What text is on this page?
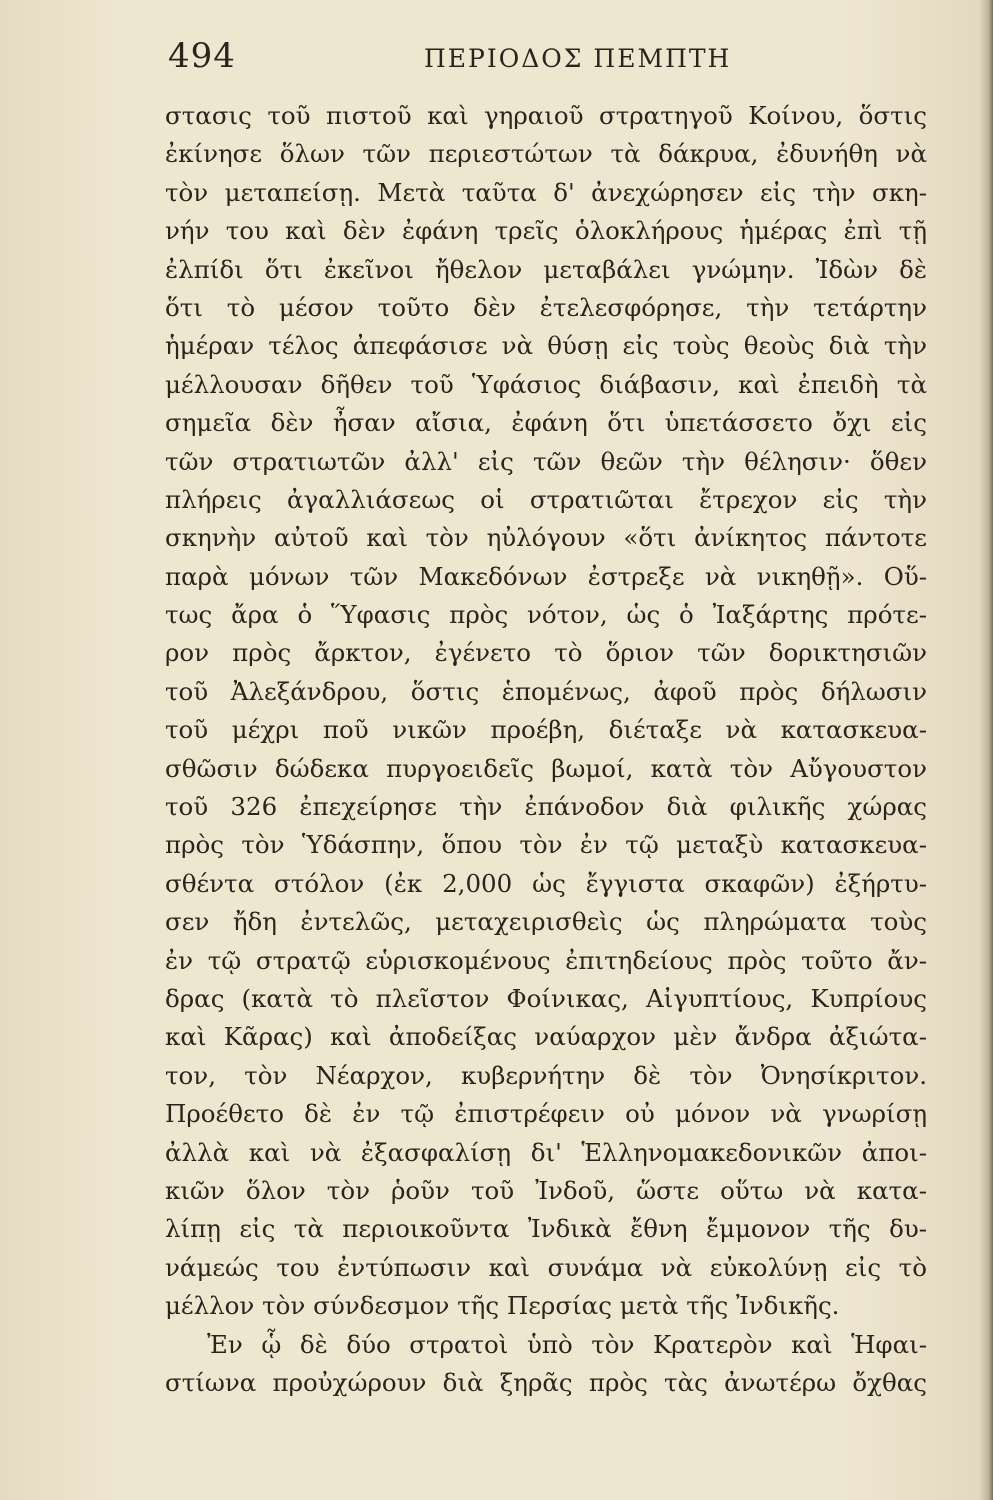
494	ΠΕΡΙΟΔΟΣ ΠΕΜΠΤΗ
στασις τοῦ πιστοῦ καὶ γηραιοῦ στρατηγοῦ Κοίνου, ὅστις
ἐκίνησε ὅλων τῶν περιεστώτων τὰ δάκρυα, ἐδυνήθη νὰ
τὸν μεταπείσῃ. Μετὰ ταῦτα δ' ἀνεχώρησεν εἰς τὴν σκη-
νήν του καὶ δὲν ἐφάνη τρεῖς ὁλοκλήρους ἡμέρας ἐπὶ τῇ
ἐλπίδι ὅτι ἐκεῖνοι ἤθελον μεταβάλει γνώμην. Ἰδὼν δὲ
ὅτι τὸ μέσον τοῦτο δὲν ἐτελεσφόρησε, τὴν τετάρτην
ἡμέραν τέλος ἀπεφάσισε νὰ θύσῃ εἰς τοὺς θεοὺς διὰ τὴν
μέλλουσαν δῆθεν τοῦ Ὑφάσιος διάβασιν, καὶ ἐπειδὴ τὰ
σημεῖα δὲν ἦσαν αἴσια, ἐφάνη ὅτι ὑπετάσσετο ὄχι εἰς
τῶν στρατιωτῶν ἀλλ' εἰς τῶν θεῶν τὴν θέλησιν· ὅθεν
πλήρεις ἀγαλλιάσεως οἱ στρατιῶται ἔτρεχον εἰς τὴν
σκηνὴν αὐτοῦ καὶ τὸν ηὐλόγουν «ὅτι ἀνίκητος πάντοτε
παρὰ μόνων τῶν Μακεδόνων ἐστρεξε νὰ νικηθῇ». Οὕ-
τως ἄρα ὁ Ὕφασις πρὸς νότον, ὡς ὁ Ἰαξάρτης πρότε-
ρον πρὸς ἄρκτον, ἐγένετο τὸ ὅριον τῶν δορικτησιῶν
τοῦ Ἀλεξάνδρου, ὅστις ἑπομένως, ἀφοῦ πρὸς δήλωσιν
τοῦ μέχρι ποῦ νικῶν προέβη, διέταξε νὰ κατασκευα-
σθῶσιν δώδεκα πυργοειδεῖς βωμοί, κατὰ τὸν Αὔγουστον
τοῦ 326 ἐπεχείρησε τὴν ἐπάνοδον διὰ φιλικῆς χώρας
πρὸς τὸν Ὑδάσπην, ὅπου τὸν ἐν τῷ μεταξὺ κατασκευα-
σθέντα στόλον (ἐκ 2,000 ὡς ἔγγιστα σκαφῶν) ἐξήρτυ-
σεν ἤδη ἐντελῶς, μεταχειρισθεὶς ὡς πληρώματα τοὺς
ἐν τῷ στρατῷ εὑρισκομένους ἐπιτηδείους πρὸς τοῦτο ἄν-
δρας (κατὰ τὸ πλεῖστον Φοίνικας, Αἰγυπτίους, Κυπρίους
καὶ Κᾶρας) καὶ ἀποδείξας ναύαρχον μὲν ἄνδρα ἀξιώτα-
τον, τὸν Νέαρχον, κυβερνήτην δὲ τὸν Ὀνησίκριτον.
Προέθετο δὲ ἐν τῷ ἐπιστρέφειν οὐ μόνον νὰ γνωρίσῃ
ἀλλὰ καὶ νὰ ἐξασφαλίσῃ δι' Ἑλληνομακεδονικῶν ἀποι-
κιῶν ὅλον τὸν ῥοῦν τοῦ Ἰνδοῦ, ὥστε οὕτω νὰ κατα-
λίπῃ εἰς τὰ περιοικοῦντα Ἰνδικὰ ἔθνη ἔμμονον τῆς δυ-
νάμεώς του ἐντύπωσιν καὶ συνάμα νὰ εὐκολύνῃ εἰς τὸ
μέλλον τὸν σύνδεσμον τῆς Περσίας μετὰ τῆς Ἰνδικῆς.
Ἐν ᾧ δὲ δύο στρατοὶ ὑπὸ τὸν Κρατερὸν καὶ Ἡφαι-
στίωνα προὐχώρουν διὰ ξηρᾶς πρὸς τὰς ἀνωτέρω ὄχθας
